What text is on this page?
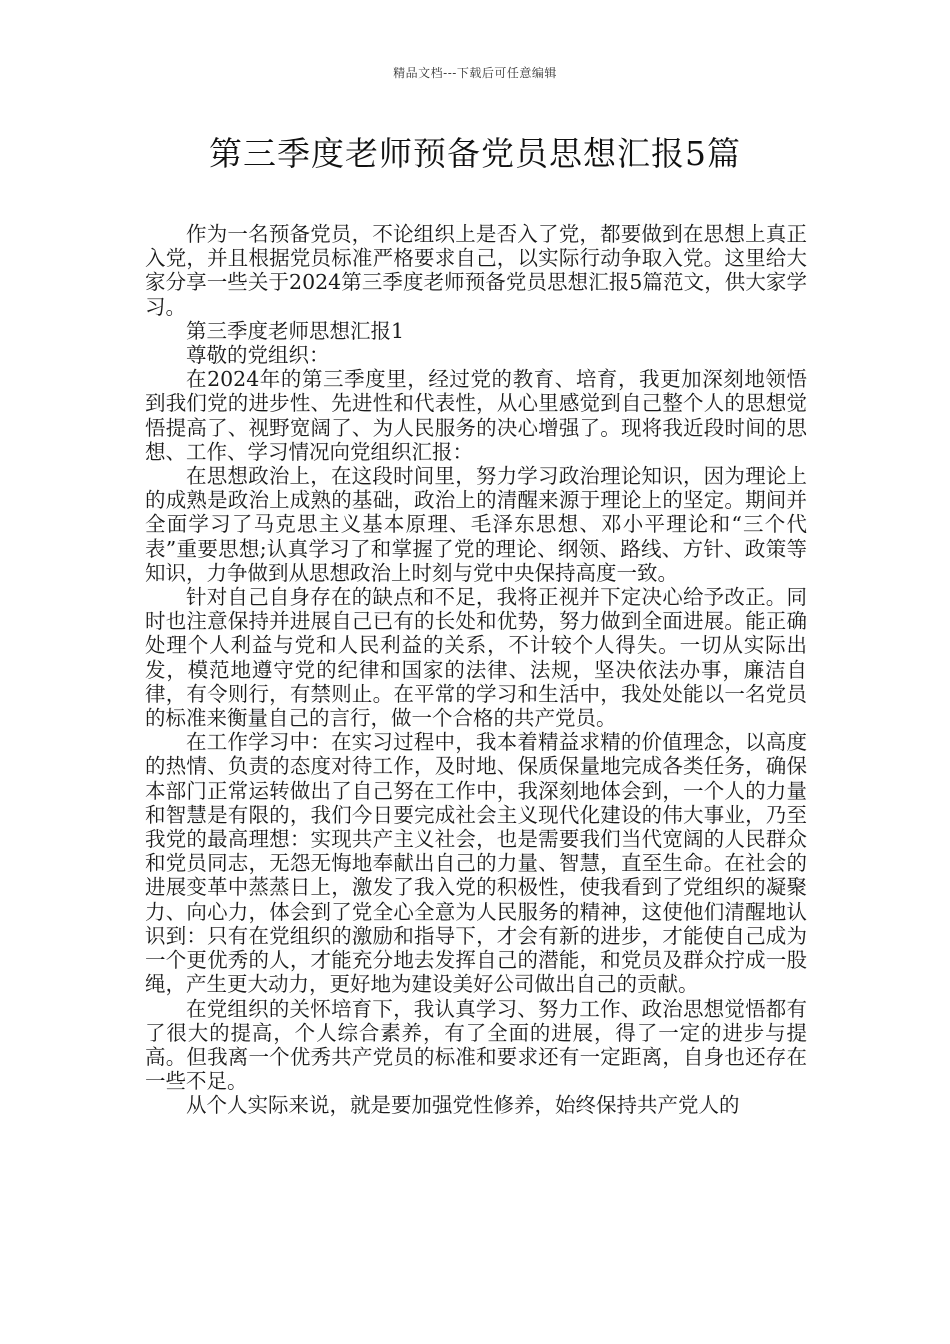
精品文档---下载后可任意编辑
第三季度老师预备党员思想汇报5篇

作为一名预备党员，不论组织上是否入了党，都要做到在思想上真正入党，并且根据党员标准严格要求自己，以实际行动争取入党。这里给大家分享一些关于2024第三季度老师预备党员思想汇报5篇范文，供大家学习。

第三季度老师思想汇报1

尊敬的党组织：

在2024年的第三季度里，经过党的教育、培育，我更加深刻地领悟到我们党的进步性、先进性和代表性，从心里感觉到自己整个人的思想觉悟提高了、视野宽阔了、为人民服务的决心增强了。现将我近段时间的思想、工作、学习情况向党组织汇报：

在思想政治上，在这段时间里，努力学习政治理论知识，因为理论上的成熟是政治上成熟的基础，政治上的清醒来源于理论上的坚定。期间并全面学习了马克思主义基本原理、毛泽东思想、邓小平理论和“三个代表”重要思想;认真学习了和掌握了党的理论、纲领、路线、方针、政策等知识，力争做到从思想政治上时刻与党中央保持高度一致。

针对自己自身存在的缺点和不足，我将正视并下定决心给予改正。同时也注意保持并进展自己已有的长处和优势，努力做到全面进展。能正确处理个人利益与党和人民利益的关系，不计较个人得失。一切从实际出发，模范地遵守党的纪律和国家的法律、法规，坚决依法办事，廉洁自律，有令则行，有禁则止。在平常的学习和生活中，我处处能以一名党员的标准来衡量自己的言行，做一个合格的共产党员。

在工作学习中：在实习过程中，我本着精益求精的价值理念，以高度的热情、负责的态度对待工作，及时地、保质保量地完成各类任务，确保本部门正常运转做出了自己努在工作中，我深刻地体会到，一个人的力量和智慧是有限的，我们今日要完成社会主义现代化建设的伟大事业，乃至我党的最高理想：实现共产主义社会，也是需要我们当代宽阔的人民群众和党员同志，无怨无悔地奉献出自己的力量、智慧，直至生命。在社会的进展变革中蒸蒸日上，激发了我入党的积极性，使我看到了党组织的凝聚力、向心力，体会到了党全心全意为人民服务的精神，这使他们清醒地认识到：只有在党组织的激励和指导下，才会有新的进步，才能使自己成为一个更优秀的人，才能充分地去发挥自己的潜能，和党员及群众拧成一股绳，产生更大动力，更好地为建设美好公司做出自己的贡献。

在党组织的关怀培育下，我认真学习、努力工作、政治思想觉悟都有了很大的提高，个人综合素养，有了全面的进展，得了一定的进步与提高。但我离一个优秀共产党员的标准和要求还有一定距离，自身也还存在一些不足。

从个人实际来说，就是要加强党性修养，始终保持共产党人的
